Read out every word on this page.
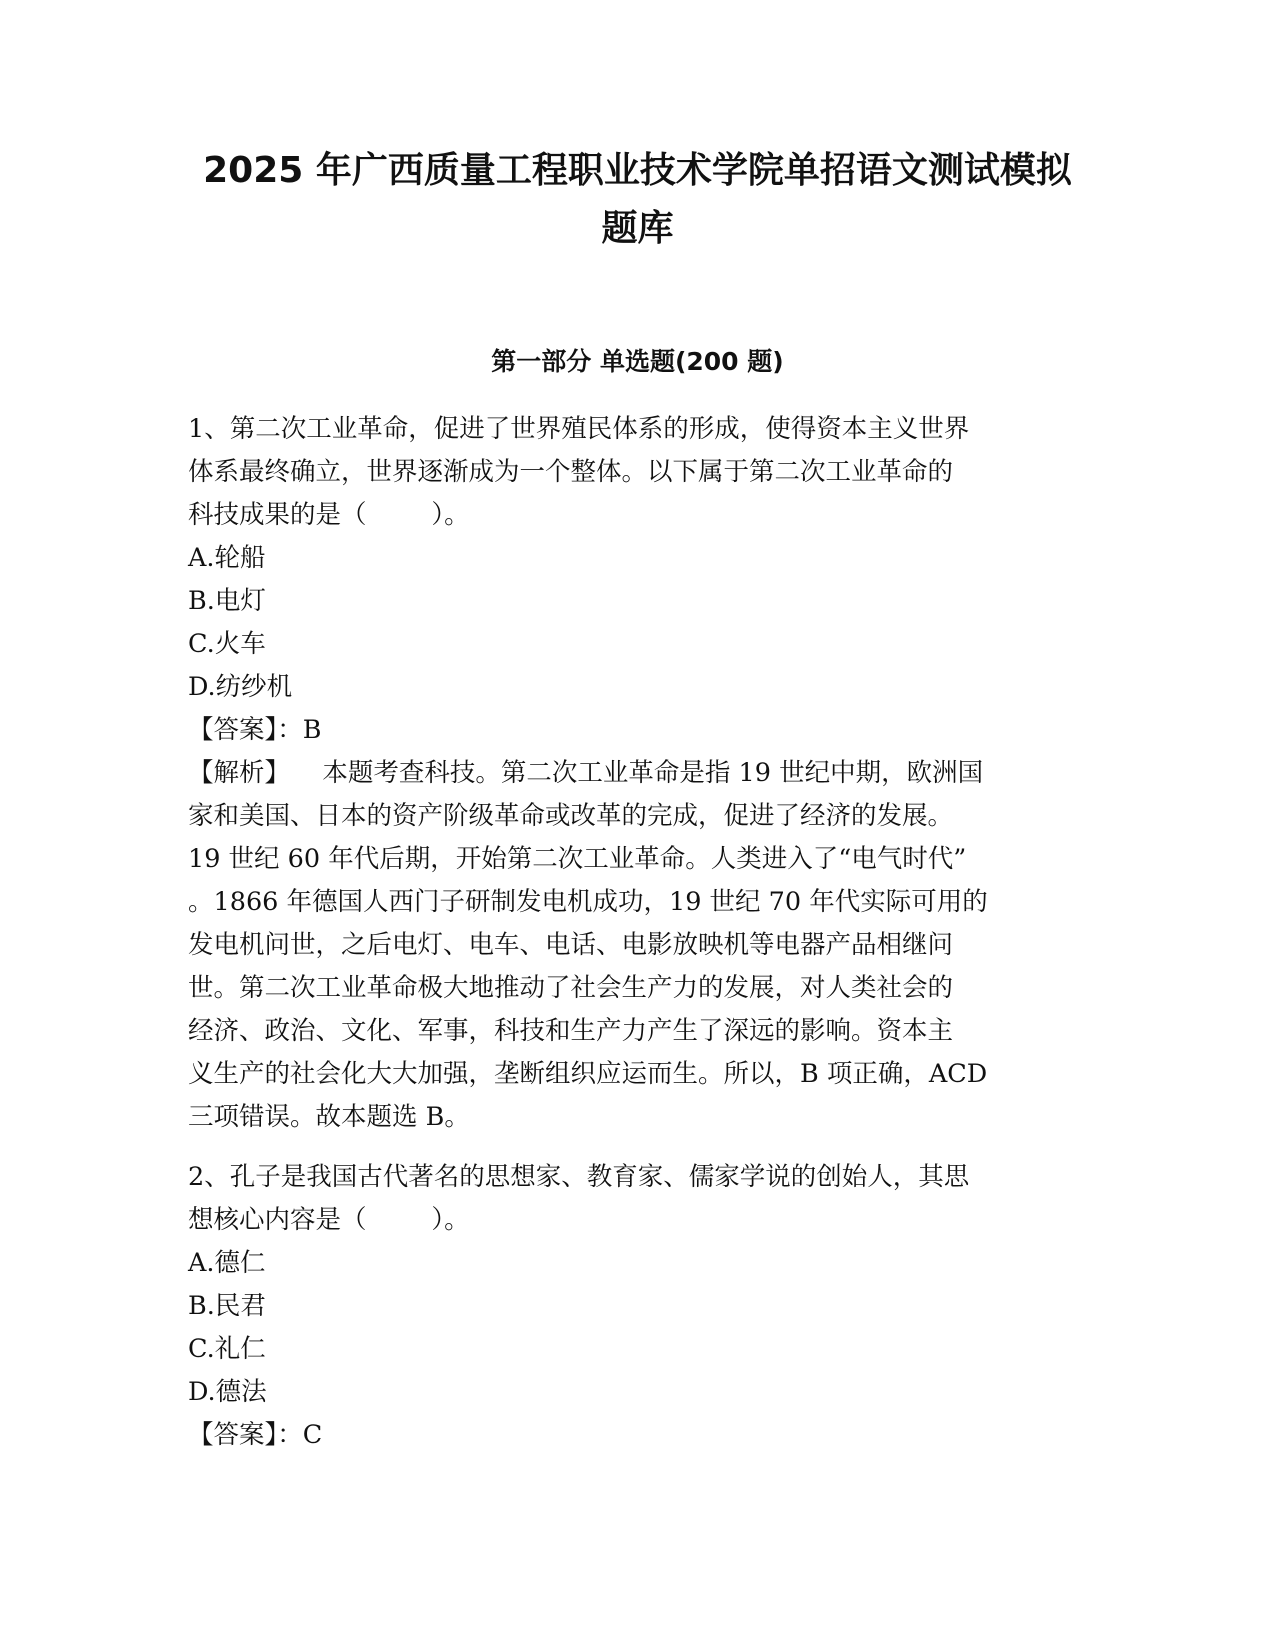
2025 年广西质量工程职业技术学院单招语文测试模拟
题库
第一部分 单选题(200 题)
1、第二次工业革命，促进了世界殖民体系的形成，使得资本主义世界
体系最终确立，世界逐渐成为一个整体。以下属于第二次工业革命的
科技成果的是（        ）。
A.轮船
B.电灯
C.火车
D.纺纱机
【答案】：B
【解析】    本题考查科技。第二次工业革命是指 19 世纪中期，欧洲国
家和美国、日本的资产阶级革命或改革的完成，促进了经济的发展。
19 世纪 60 年代后期，开始第二次工业革命。人类进入了“电气时代”
。1866 年德国人西门子研制发电机成功，19 世纪 70 年代实际可用的
发电机问世，之后电灯、电车、电话、电影放映机等电器产品相继问
世。第二次工业革命极大地推动了社会生产力的发展，对人类社会的
经济、政治、文化、军事，科技和生产力产生了深远的影响。资本主
义生产的社会化大大加强，垄断组织应运而生。所以，B 项正确，ACD
三项错误。故本题选 B。
2、孔子是我国古代著名的思想家、教育家、儒家学说的创始人，其思
想核心内容是（        ）。
A.德仁
B.民君
C.礼仁
D.德法
【答案】：C
